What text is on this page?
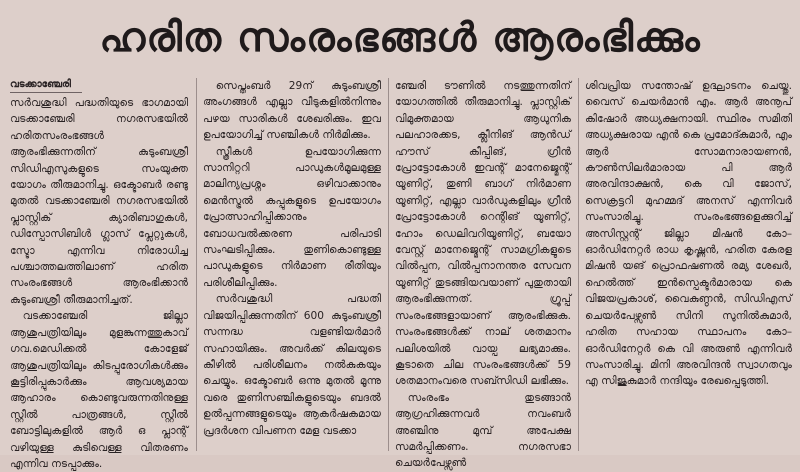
ഹരിത സംരംഭങ്ങൾ ആരംഭിക്കും
വടക്കാഞ്ചേരി

സർവശുദ്ധി പദ്ധതിയുടെ ഭാഗമായി വടക്കാഞ്ചേരി നഗരസഭയിൽ ഹരിതസംരംഭങ്ങൾ ആരംഭിക്കുന്നതിന് കുടുംബശ്രീ സിഡിഎസുകളുടെ സംയുക്ത യോഗം തീരുമാനിച്ചു. ഒക്ടോബർ രണ്ടു മുതൽ വടക്കാഞ്ചേരി നഗരസഭയിൽ പ്ലാസ്റ്റിക് ക്യാരിബാഗുകൾ, ഡിസ്പോസിബിൾ ഗ്ലാസ് പ്ലേറ്റുകൾ, സ്ടോ എന്നിവ നിരോധിച്ച പശ്ചാത്തലത്തിലാണ് ഹരിത സംരംഭങ്ങൾ ആരംഭിക്കാൻ കുടുംബശ്രീ തീരുമാനിച്ചത്.

വടക്കാഞ്ചേരി ജില്ലാ ആശുപത്രിയിലും മുളങ്കുന്നത്തുകാവ് ഗവ.മെഡിക്കൽ കോളേജ് ആശുപത്രിയിലും കിടപ്പുരോഗികൾക്കും കൂട്ടിരിപ്പുകാർക്കും ആവശ്യമായ ആഹാരം കൊണ്ടുവരുന്നതിനുള്ള സ്റ്റീൽ പാത്രങ്ങൾ, സ്റ്റീൽ ബോട്ടിലുകളിൽ ആർ ഒ പ്ലാന്റ് വഴിയുള്ള കുടിവെള്ള വിതരണം എന്നിവ നടപ്പാക്കും.

സെപ്തംബർ 29ന് കുടുംബശ്രീ അംഗങ്ങൾ എല്ലാ വീടുകളിൽനിന്നും പഴയ സാരികൾ ശേഖരിക്കും. ഇവ ഉപയോഗിച്ച് സഞ്ചികൾ നിർമിക്കും.

സ്ത്രീകൾ ഉപയോഗിക്കുന്ന സാനിറ്ററി പാഡുകൾമൂലമുള്ള മാലിന്യപ്രശ്നം ഒഴിവാക്കാനും മെൻസ്ട്രൽ കപ്പുകളുടെ ഉപയോഗം പ്രോത്സാഹിപ്പിക്കാനും ബോധവൽക്കരണ പരിപാടി സംഘടിപ്പിക്കും. തുണികൊണ്ടുള്ള പാഡുകളുടെ നിർമാണ രീതിയും പരിശീലിപ്പിക്കും.

സർവശുദ്ധി പദ്ധതി വിജയിപ്പിക്കുന്നതിന് 600 കുടുംബശ്രീ സന്നദ്ധ വളണ്ടിയർമാർ സഹായിക്കും. അവർക്ക് കിലയുടെ കീഴിൽ പരിശീലനം നൽകുകയും ചെയ്യും. ഒക്ടോബർ ഒന്നു മുതൽ മൂന്നു വരെ തുണിസഞ്ചികളുടെയും ബദൽ ഉൽപ്പന്നങ്ങളുടെയും ആകർഷകമായ പ്രദർശന വിപണന മേള വടക്കാ

ഞ്ചേരി ടൗണിൽ നടത്തുന്നതിന് യോഗത്തിൽ തീരുമാനിച്ചു. പ്ലാസ്റ്റിക് വിമുക്തമായ ആധുനിക പലഹാരക്കട, ക്ലീനിങ് ആൻഡ് ഹൗസ് കീപ്പിങ്, ഗ്രീൻ പ്രോട്ടോകോൾ ഇവന്റ് മാനേജ്മെന്റ് യൂണിറ്റ്, തുണി ബാഗ് നിർമാണ യൂണിറ്റ്, എല്ലാ വാർഡുകളിലും ഗ്രീൻ പ്രോട്ടോകോൾ റെന്റിങ് യൂണിറ്റ്, ഹോം ഡെലിവറിയൂണിറ്റ്, ബയോ വേസ്റ്റ് മാനേജ്മെന്റ് സാമഗ്രികളുടെ വിൽപ്പന, വിൽപ്പനാനന്തര സേവന യൂണിറ്റ് തുടങ്ങിയവയാണ് പുതുതായി ആരംഭിക്കുന്നത്. ഗ്രൂപ്പ് സംരംഭങ്ങളായാണ് ആരംഭിക്കുക. സംരംഭങ്ങൾക്ക് നാല് ശതമാനം പലിശയിൽ വായ്പ ലഭ്യമാക്കും. കൂടാതെ ചില സംരംഭങ്ങൾക്ക് 59 ശതമാനംവരെ സബ്സിഡി ലഭിക്കും.

സംരംഭം തുടങ്ങാൻ ആഗ്രഹിക്കുന്നവർ നവംബർ അഞ്ചിനു മുമ്പ് അപേക്ഷ സമർപ്പിക്കണം. നഗരസഭാ ചെയർപേഴ്സൺ

ശിവപ്രിയ സന്തോഷ് ഉദ്ഘാടനം ചെയ്തു. വൈസ് ചെയർമാൻ എം. ആർ അനൂപ് കിഷോർ അധ്യക്ഷനായി. സ്ഥിരം സമിതി അധ്യക്ഷരായ എൻ കെ പ്രമോദ്കുമാർ, എം ആർ സോമനാരായണൻ, കൗൺസിലർമാരായ പി ആർ അരവിന്ദാക്ഷൻ, കെ വി ജോസ്, സെക്രട്ടറി മുഹമ്മദ് അനസ് എന്നിവർ സംസാരിച്ചു. സംരംഭങ്ങളെക്കുറിച്ച് അസിസ്റ്റന്റ് ജില്ലാ മിഷൻ കോ–ഓർഡിനേറ്റർ രാധ കൃഷ്ണൻ, ഹരിത കേരള മിഷൻ യങ് പ്രൊഫഷണൽ രമ്യ ശേഖർ, ഹെൽത്ത് ഇൻസ്പെക്ടർമാരായ കെ വിജയപ്രകാശ്, വൈകുണ്ഠൻ, സിഡിഎസ് ചെയർപേഴ്സൺ സിനി സുനിൽകുമാർ, ഹരിത സഹായ സ്ഥാപനം കോ–ഓർഡിനേറ്റർ കെ വി അരുൺ എന്നിവർ സംസാരിച്ചു. മിനി അരവിന്ദൻ സ്വാഗതവും എ സിജുകുമാർ നന്ദിയും രേഖപ്പെടുത്തി.
